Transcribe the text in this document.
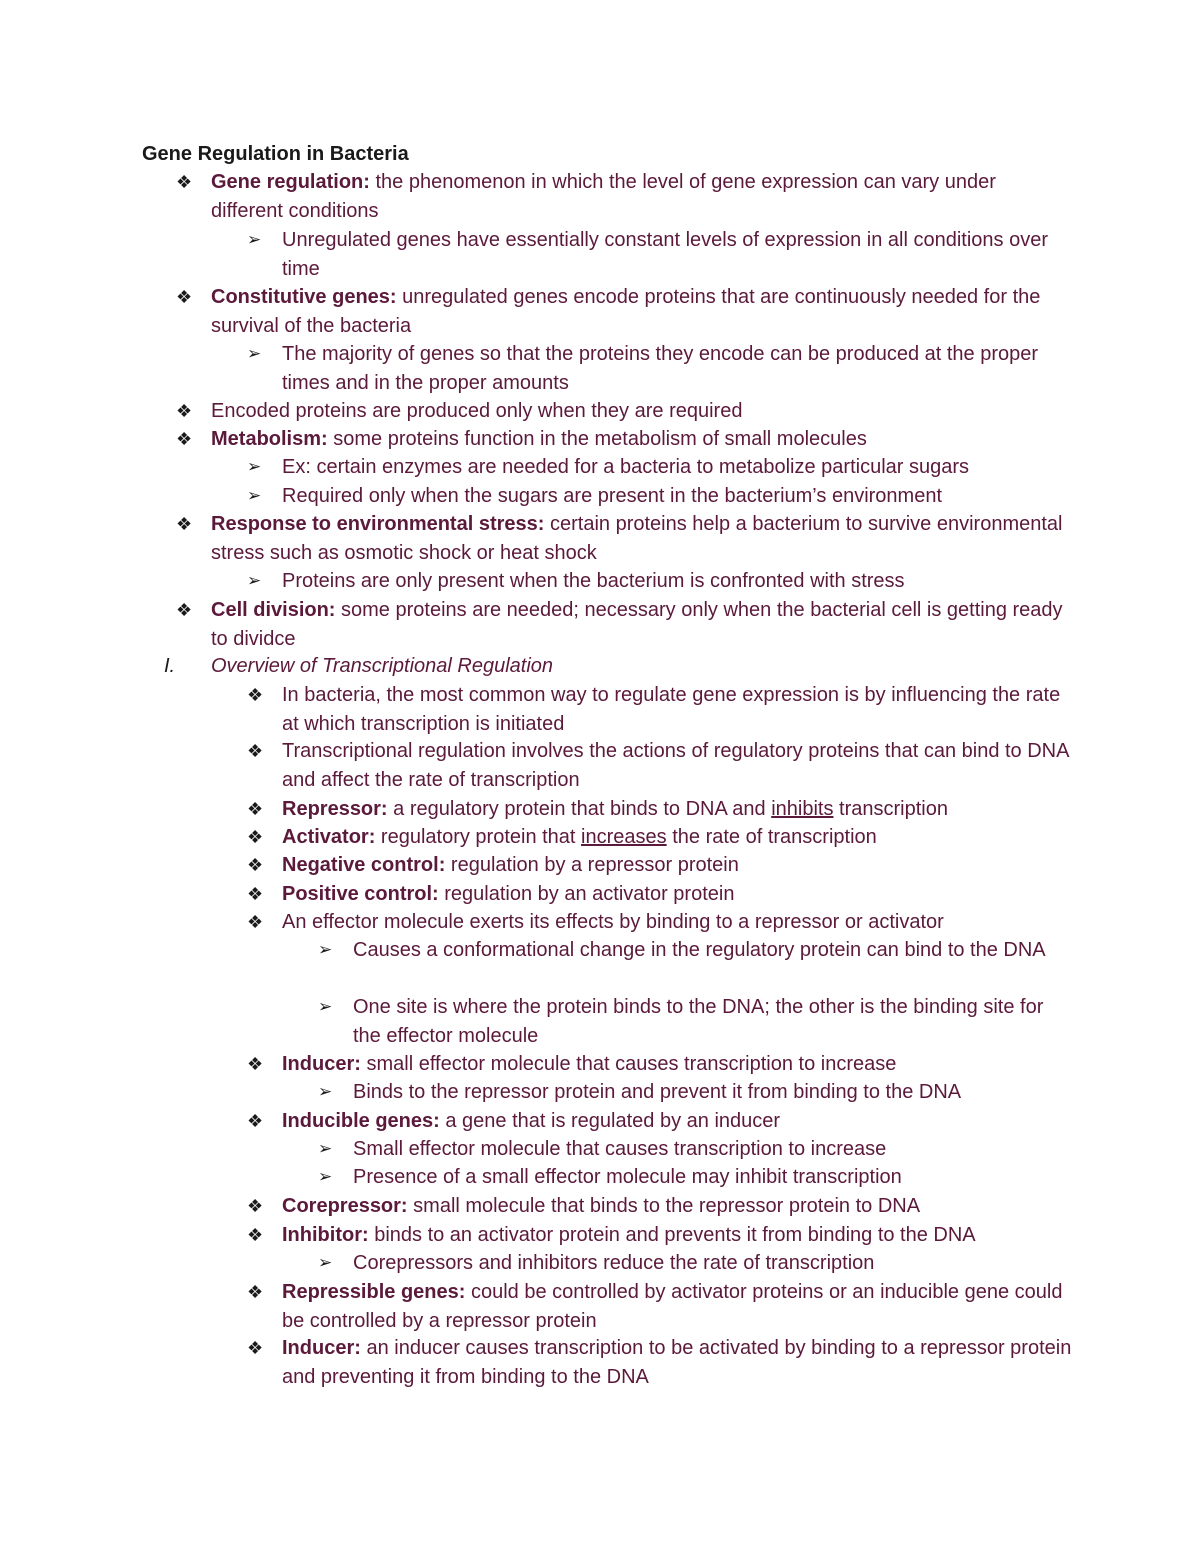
Gene Regulation in Bacteria
❖ Gene regulation: the phenomenon in which the level of gene expression can vary under different conditions
➢ Unregulated genes have essentially constant levels of expression in all conditions over time
❖ Constitutive genes: unregulated genes encode proteins that are continuously needed for the survival of the bacteria
➢ The majority of genes so that the proteins they encode can be produced at the proper times and in the proper amounts
❖ Encoded proteins are produced only when they are required
❖ Metabolism: some proteins function in the metabolism of small molecules
➢ Ex: certain enzymes are needed for a bacteria to metabolize particular sugars
➢ Required only when the sugars are present in the bacterium’s environment
❖ Response to environmental stress: certain proteins help a bacterium to survive environmental stress such as osmotic shock or heat shock
➢ Proteins are only present when the bacterium is confronted with stress
❖ Cell division: some proteins are needed; necessary only when the bacterial cell is getting ready to dividce
I. Overview of Transcriptional Regulation
❖ In bacteria, the most common way to regulate gene expression is by influencing the rate at which transcription is initiated
❖ Transcriptional regulation involves the actions of regulatory proteins that can bind to DNA and affect the rate of transcription
❖ Repressor: a regulatory protein that binds to DNA and inhibits transcription
❖ Activator: regulatory protein that increases the rate of transcription
❖ Negative control: regulation by a repressor protein
❖ Positive control: regulation by an activator protein
❖ An effector molecule exerts its effects by binding to a repressor or activator
➢ Causes a conformational change in the regulatory protein can bind to the DNA
➢ One site is where the protein binds to the DNA; the other is the binding site for the effector molecule
❖ Inducer: small effector molecule that causes transcription to increase
➢ Binds to the repressor protein and prevent it from binding to the DNA
❖ Inducible genes: a gene that is regulated by an inducer
➢ Small effector molecule that causes transcription to increase
➢ Presence of a small effector molecule may inhibit transcription
❖ Corepressor: small molecule that binds to the repressor protein to DNA
❖ Inhibitor: binds to an activator protein and prevents it from binding to the DNA
➢ Corepressors and inhibitors reduce the rate of transcription
❖ Repressible genes: could be controlled by activator proteins or an inducible gene could be controlled by a repressor protein
❖ Inducer: an inducer causes transcription to be activated by binding to a repressor protein and preventing it from binding to the DNA
